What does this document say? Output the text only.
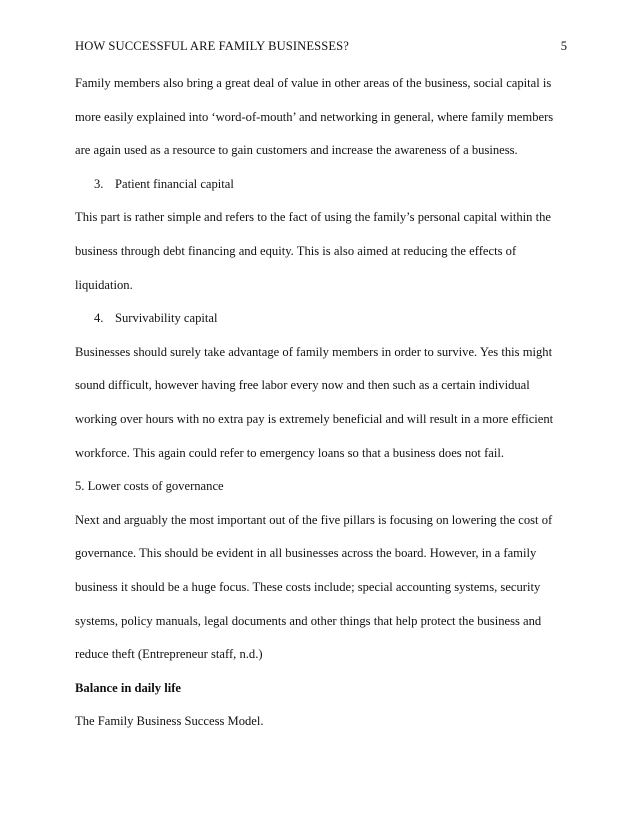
HOW SUCCESSFUL ARE FAMILY BUSINESSES?	5

Family members also bring a great deal of value in other areas of the business, social capital is
more easily explained into ‘word-of-mouth’ and networking in general, where family members
are again used as a resource to gain customers and increase the awareness of a business.

3. Patient financial capital

This part is rather simple and refers to the fact of using the family’s personal capital within the
business through debt financing and equity. This is also aimed at reducing the effects of
liquidation.

4. Survivability capital

Businesses should surely take advantage of family members in order to survive. Yes this might
sound difficult, however having free labor every now and then such as a certain individual
working over hours with no extra pay is extremely beneficial and will result in a more efficient
workforce. This again could refer to emergency loans so that a business does not fail.

5. Lower costs of governance

Next and arguably the most important out of the five pillars is focusing on lowering the cost of
governance. This should be evident in all businesses across the board. However, in a family
business it should be a huge focus. These costs include; special accounting systems, security
systems, policy manuals, legal documents and other things that help protect the business and
reduce theft (Entrepreneur staff, n.d.)

Balance in daily life

The Family Business Success Model.
